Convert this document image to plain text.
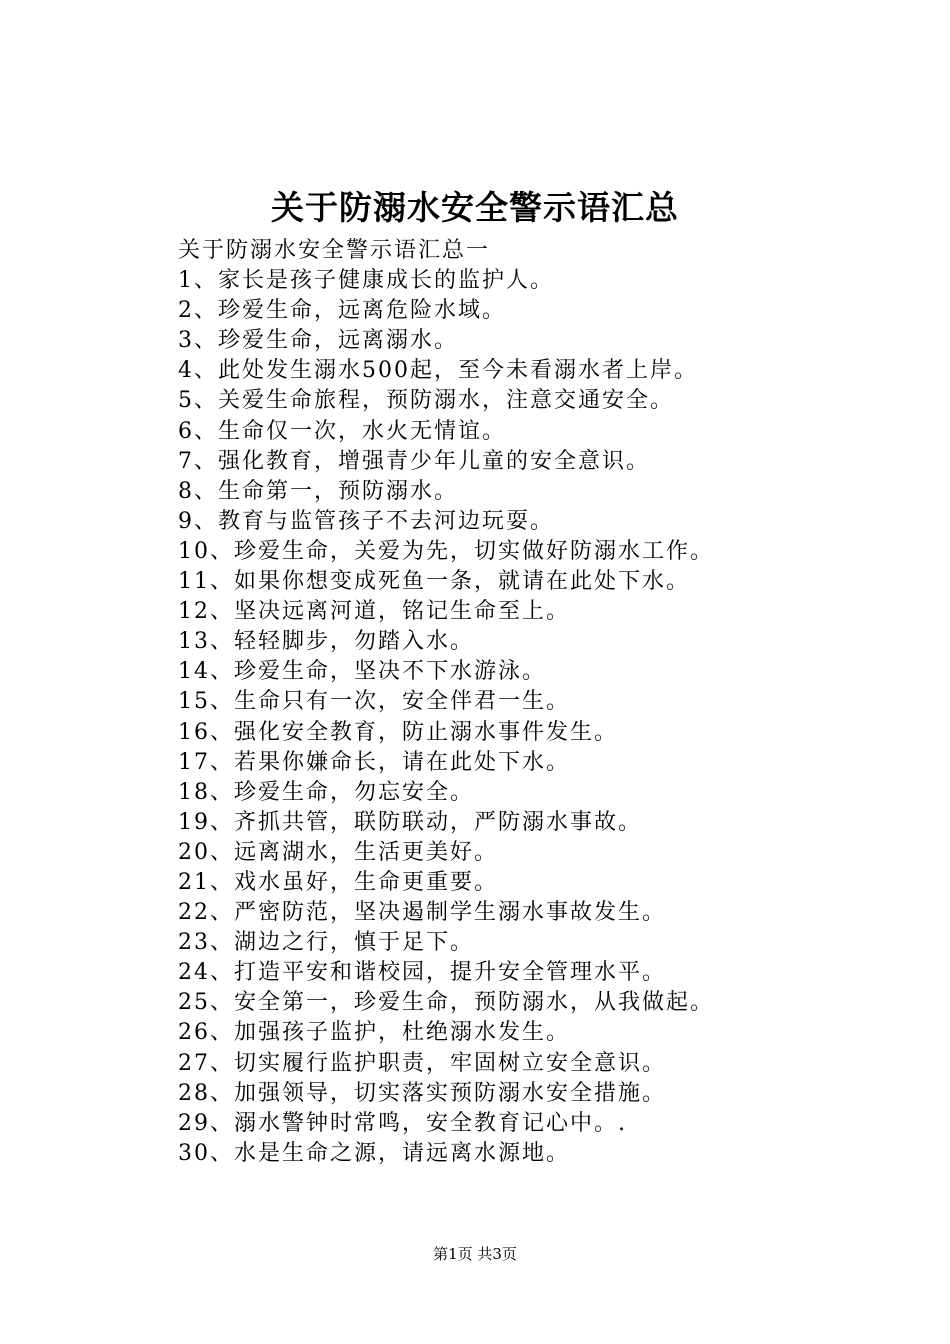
关于防溺水安全警示语汇总
关于防溺水安全警示语汇总一
1、家长是孩子健康成长的监护人。
2、珍爱生命，远离危险水域。
3、珍爱生命，远离溺水。
4、此处发生溺水500起，至今未看溺水者上岸。
5、关爱生命旅程，预防溺水，注意交通安全。
6、生命仅一次，水火无情谊。
7、强化教育，增强青少年儿童的安全意识。
8、生命第一，预防溺水。
9、教育与监管孩子不去河边玩耍。
10、珍爱生命，关爱为先，切实做好防溺水工作。
11、如果你想变成死鱼一条，就请在此处下水。
12、坚决远离河道，铭记生命至上。
13、轻轻脚步，勿踏入水。
14、珍爱生命，坚决不下水游泳。
15、生命只有一次，安全伴君一生。
16、强化安全教育，防止溺水事件发生。
17、若果你嫌命长，请在此处下水。
18、珍爱生命，勿忘安全。
19、齐抓共管，联防联动，严防溺水事故。
20、远离湖水，生活更美好。
21、戏水虽好，生命更重要。
22、严密防范，坚决遏制学生溺水事故发生。
23、湖边之行，慎于足下。
24、打造平安和谐校园，提升安全管理水平。
25、安全第一，珍爱生命，预防溺水，从我做起。
26、加强孩子监护，杜绝溺水发生。
27、切实履行监护职责，牢固树立安全意识。
28、加强领导，切实落实预防溺水安全措施。
29、溺水警钟时常鸣，安全教育记心中。.
30、水是生命之源，请远离水源地。
第1页 共3页
